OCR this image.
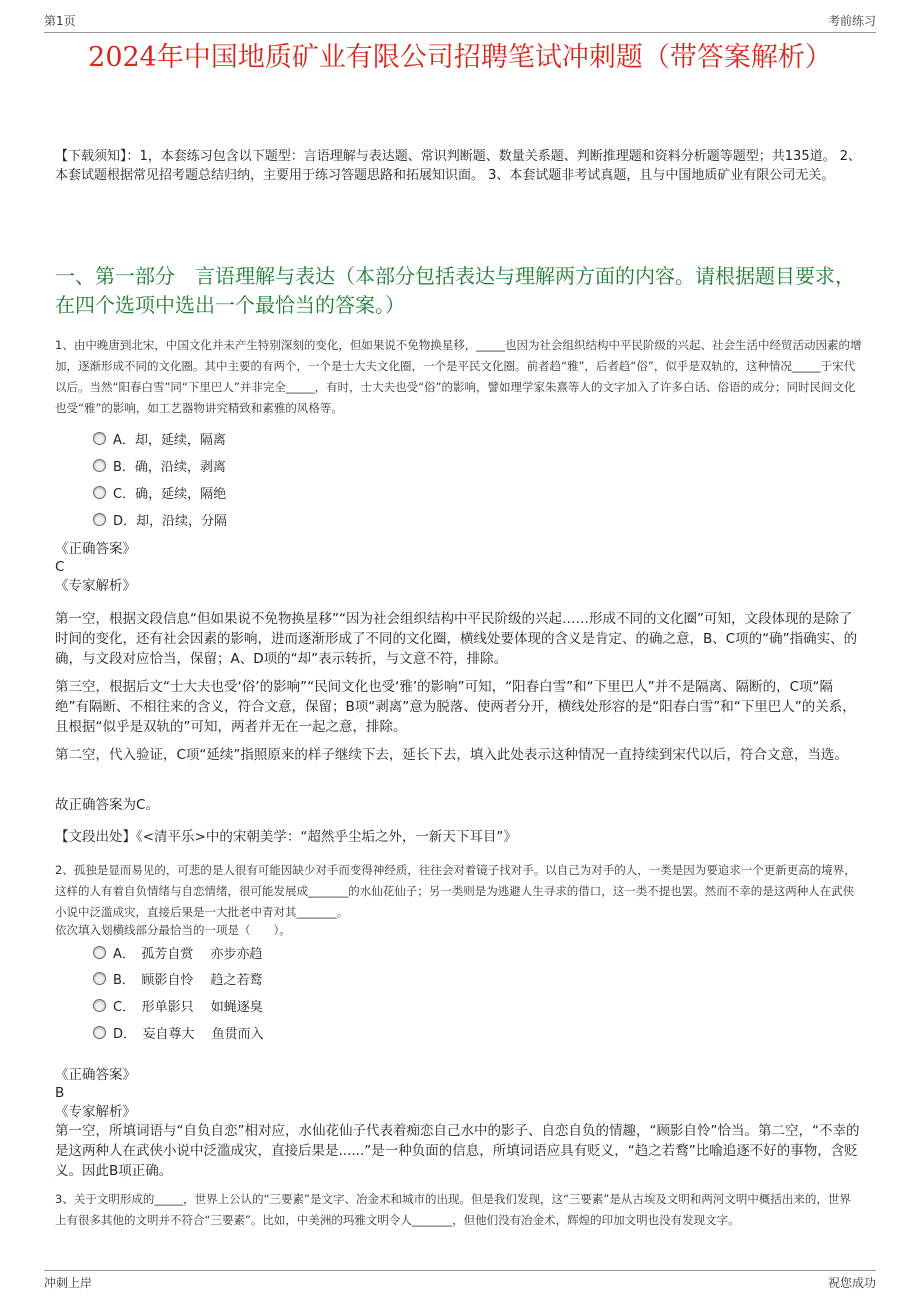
第1页	考前练习
2024年中国地质矿业有限公司招聘笔试冲刺题（带答案解析）
【下载须知】：1，本套练习包含以下题型：言语理解与表达题、常识判断题、数量关系题、判断推理题和资料分析题等题型；共135道。 2、本套试题根据常见招考题总结归纳，主要用于练习答题思路和拓展知识面。 3、本套试题非考试真题，且与中国地质矿业有限公司无关。
一、第一部分　言语理解与表达（本部分包括表达与理解两方面的内容。请根据题目要求，在四个选项中选出一个最恰当的答案。）
1、由中晚唐到北宋，中国文化并未产生特别深刻的变化，但如果说不免物换星移，_____也因为社会组织结构中平民阶级的兴起、社会生活中经贸活动因素的增加，逐渐形成不同的文化圈。其中主要的有两个，一个是士大夫文化圈，一个是平民文化圈。前者趋“雅”，后者趋“俗”，似乎是双轨的，这种情况_____于宋代以后。当然“阳春白雪”同“下里巴人”并非完全_____，有时，士大夫也受“俗”的影响，譬如理学家朱熹等人的文字加入了许多白话、俗语的成分；同时民间文化也受“雅”的影响，如工艺器物讲究精致和素雅的风格等。
A．却，延续，隔离
B．确，沿续，剥离
C．确，延续，隔绝
D．却，沿续，分隔
《正确答案》
C
《专家解析》
第一空，根据文段信息“但如果说不免物换星移”“因为社会组织结构中平民阶级的兴起……形成不同的文化圈”可知，文段体现的是除了时间的变化，还有社会因素的影响，进而逐渐形成了不同的文化圈，横线处要体现的含义是肯定、的确之意，B、C项的“确”指确实、的确，与文段对应恰当，保留；A、D项的“却”表示转折，与文意不符，排除。
第三空，根据后文“士大夫也受‘俗’的影响”“民间文化也受‘雅’的影响”可知，“阳春白雪”和“下里巴人”并不是隔离、隔断的，C项“隔绝”有隔断、不相往来的含义，符合文意，保留；B项“剥离”意为脱落、使两者分开，横线处形容的是“阳春白雪”和“下里巴人”的关系，且根据“似乎是双轨的”可知，两者并无在一起之意，排除。
第二空，代入验证，C项“延续”指照原来的样子继续下去，延长下去，填入此处表示这种情况一直持续到宋代以后，符合文意，当选。
故正确答案为C。
【文段出处】《<清平乐>中的宋朝美学：“超然乎尘垢之外，一新天下耳目”》
2、孤独是显而易见的，可悲的是人很有可能因缺少对手而变得神经质，往往会对着镜子找对手。以自己为对手的人，一类是因为要追求一个更新更高的境界，这样的人有着自负情绪与自恋情绪，很可能发展成_______的水仙花仙子；另一类则是为逃避人生寻求的借口，这一类不提也罢。然而不幸的是这两种人在武侠小说中泛滥成灾，直接后果是一大批老中青对其_______。
依次填入划横线部分最恰当的一项是（　　）。
A．　孤芳自赏　 亦步亦趋
B．　顾影自怜　 趋之若鹜
C．　形单影只　 如蝇逐臭
D．　妄自尊大　 鱼贯而入
《正确答案》
B
《专家解析》
第一空，所填词语与“自负自恋”相对应，水仙花仙子代表着痴恋自己水中的影子、自恋自负的情趣，“顾影自怜”恰当。第二空，“不幸的是这两种人在武侠小说中泛滥成灾，直接后果是......”是一种负面的信息，所填词语应具有贬义，“趋之若鹜”比喻追逐不好的事物，含贬义。因此B项正确。
3、关于文明形成的_____，世界上公认的“三要素”是文字、冶金术和城市的出现。但是我们发现，这“三要素”是从古埃及文明和两河文明中概括出来的，世界上有很多其他的文明并不符合“三要素”。比如，中美洲的玛雅文明令人_______，但他们没有冶金术，辉煌的印加文明也没有发现文字。
冲刺上岸	祝您成功
